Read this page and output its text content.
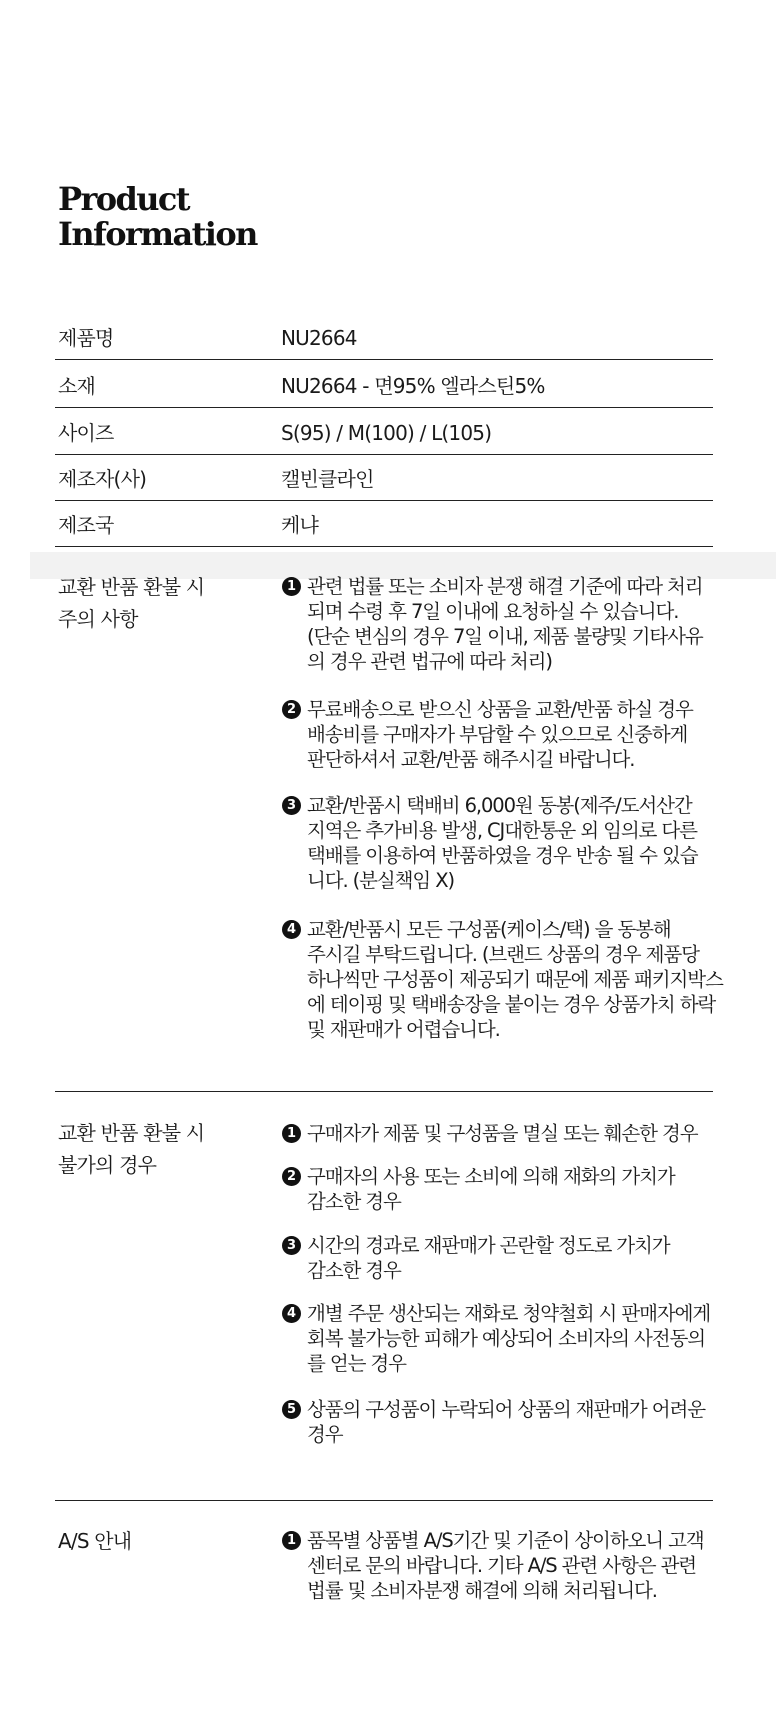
Product
Information
제품명	NU2664
소재	NU2664 - 면95% 엘라스틴5%
사이즈	S(95) / M(100) / L(105)
제조자(사)	캘빈클라인
제조국	케냐
교환 반품 환불 시
주의 사항
1 관련 법률 또는 소비자 분쟁 해결 기준에 따라 처리
되며 수령 후 7일 이내에 요청하실 수 있습니다.
(단순 변심의 경우 7일 이내, 제품 불량및 기타사유
의 경우 관련 법규에 따라 처리)
2 무료배송으로 받으신 상품을 교환/반품 하실 경우
배송비를 구매자가 부담할 수 있으므로 신중하게
판단하셔서 교환/반품 해주시길 바랍니다.
3 교환/반품시 택배비 6,000원 동봉(제주/도서산간
지역은 추가비용 발생, CJ대한통운 외 임의로 다른
택배를 이용하여 반품하였을 경우 반송 될 수 있습
니다. (분실책임 X)
4 교환/반품시 모든 구성품(케이스/택) 을 동봉해
주시길 부탁드립니다. (브랜드 상품의 경우 제품당
하나씩만 구성품이 제공되기 때문에 제품 패키지박스
에 테이핑 및 택배송장을 붙이는 경우 상품가치 하락
및 재판매가 어렵습니다.
교환 반품 환불 시
불가의 경우
1 구매자가 제품 및 구성품을 멸실 또는 훼손한 경우
2 구매자의 사용 또는 소비에 의해 재화의 가치가
감소한 경우
3 시간의 경과로 재판매가 곤란할 정도로 가치가
감소한 경우
4 개별 주문 생산되는 재화로 청약철회 시 판매자에게
회복 불가능한 피해가 예상되어 소비자의 사전동의
를 얻는 경우
5 상품의 구성품이 누락되어 상품의 재판매가 어려운
경우
A/S 안내	1 품목별 상품별 A/S기간 및 기준이 상이하오니 고객
센터로 문의 바랍니다. 기타 A/S 관련 사항은 관련
법률 및 소비자분쟁 해결에 의해 처리됩니다.
